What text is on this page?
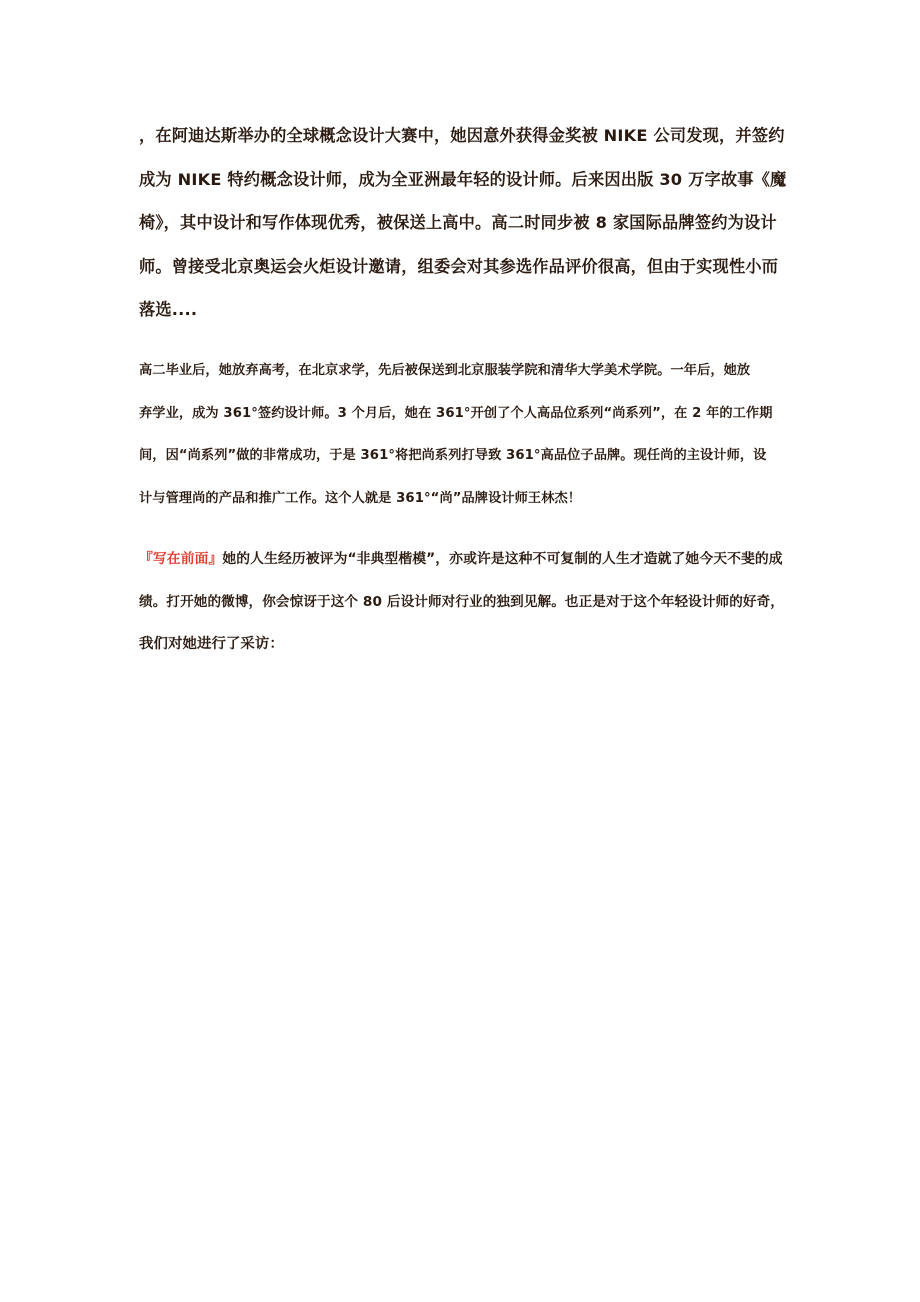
，在阿迪达斯举办的全球概念设计大赛中，她因意外获得金奖被 NIKE 公司发现，并签约
成为 NIKE 特约概念设计师，成为全亚洲最年轻的设计师。后来因出版 30 万字故事《魔
椅》，其中设计和写作体现优秀，被保送上高中。高二时同步被 8 家国际品牌签约为设计
师。曾接受北京奥运会火炬设计邀请，组委会对其参选作品评价很高，但由于实现性小而
落选....

高二毕业后，她放弃高考，在北京求学，先后被保送到北京服装学院和清华大学美术学院。一年后，她放
弃学业，成为 361°签约设计师。3 个月后，她在 361°开创了个人高品位系列“尚系列”，在 2 年的工作期
间，因“尚系列”做的非常成功，于是 361°将把尚系列打导致 361°高品位子品牌。现任尚的主设计师，设
计与管理尚的产品和推广工作。这个人就是 361°“尚”品牌设计师王林杰！

『写在前面』她的人生经历被评为“非典型楷模”，亦或许是这种不可复制的人生才造就了她今天不斐的成
绩。打开她的微博，你会惊讶于这个 80 后设计师对行业的独到见解。也正是对于这个年轻设计师的好奇，
我们对她进行了采访：
